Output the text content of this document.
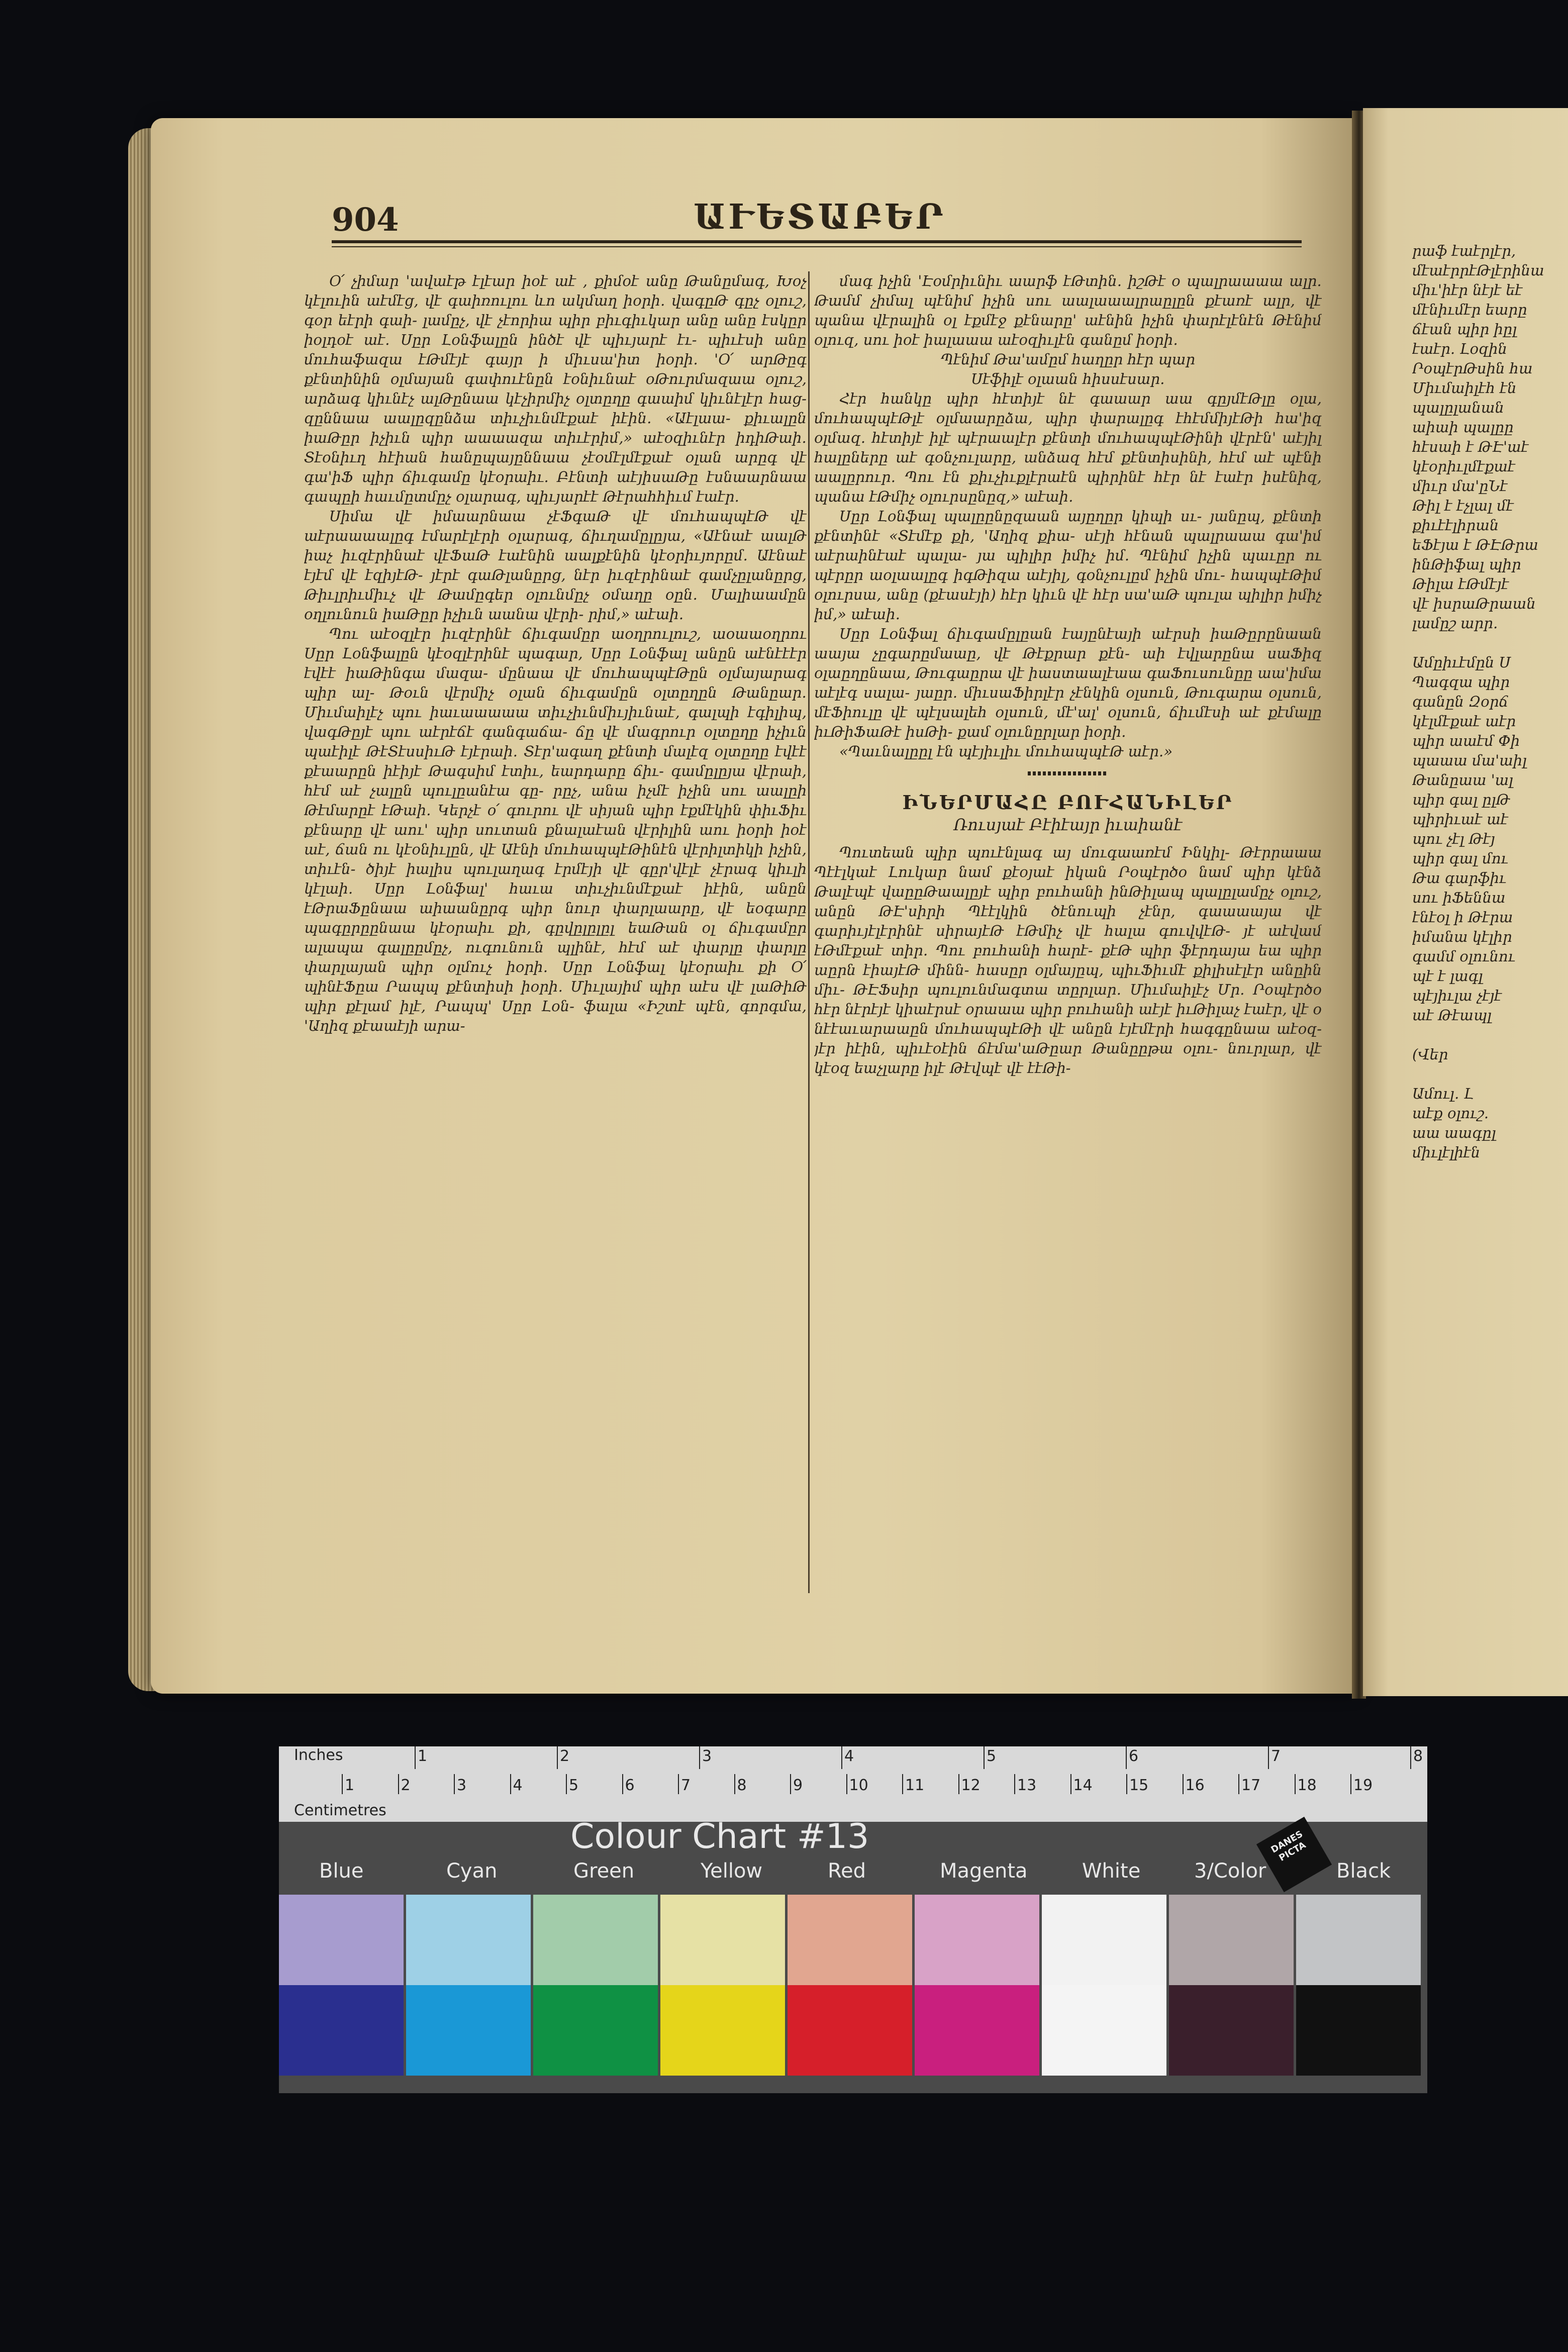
904	ԱՒԵՏԱԲԵՐ

Օ՛ չիմար 'ավաէթ էլէար իօէ աէ , քիմօէ անը Թանըմագ, Խօչ կէլուին աէմէց, վէ գաիռուլու ևո ակմաղ իօրի․ վագըԹ գըչ օլուշ, գօր եէրի գաի- լամըչ, վէ չէորիա պիր բիւգիւկար անը անը էսկըր իօլդօէ աէ․ Սըր Լօնֆալըն ինծէ վէ պիւյարէ էւ- պիւէսի անը մուհաֆազա էԹմէյէ գայր ի միւսա'իտ իօրի․ 'Օ՛ արԹըգ քէնտինին օլմայան գափուէնըն էօնիւնաէ օԹուրմազաա օլուշ, արձագ կիւնէչ ալԹընաա կէչիրմիչ օլտըղը գաաիմ կիւնէլէր հաց- զըննաա աալըզընձա տիւչիւնմէքաէ իէին․ «Աէլաա- քիւալըն իաԹըր իչիւն պիր աաաազա տիւէրիմ,» աէօզիւնէր իդիԹաի․ Տէօնիւղ հէիան հանըպայըննաա չէօմէլմէքաէ օլան արըգ վէ գա'իՖ պիր ճիւգամը կէօրաիւ․ Բէնտի աէյիսաԹը էսնաարնաա գապըի հաւմըտմըչ օլարագ, պիւյարէէ Թէրահհիւմ էաէր․

Սիմա վէ իմաարնաա չէՖգաԹ վէ մուհապպէԹ վէ աէրաաաալըգ էմարէլէրի օլարագ, ճիւղամըլըյա, «Աէնաէ աալԹ իաչ իւզէրինաէ վէՖաԹ էաէնին աալքէնին կէօրիւյորըմ․ Աէնաէ էյէմ վէ էզիյէԹ- յէրէ գաԹլանըրց, նէր իւզէրինաէ գամչըլանըրց, Թիւլրիւմիւչ վէ Թամըգեր օլունմըչ օմաղը օըն․ Մալիաամըն օղլունուն իաԹըր իչիւն աանա վէրի- րիմ,» աէաի․

Պու աէօզլէր իւզէրինէ ճիւգամըր աօղրուլուշ, աօաաօղրու Սըր Լօնֆալըն կէօզլէրինէ պագար, Սըր Լօնֆալ անըն աէնէէէր էվէէ իաԹինգա մազա- մընաա վէ մուհապպէԹըն օլմայարագ պիր ալ- Թօւն վէրմիչ օլան ճիւգամըն օլտըղըն Թանըար․ Միւմաիլէչ պու իաւաաաաա տիւչիւնմիւյիւնաէ, գալպի էգիլիպ, վագԹըյէ պու աէրէճէ գանգաճա- ճը վէ մագրուր օլտըղը իչիւն պաէիլէ ԹէՏէսսիւԹ էյէրաի․ Տէր'ագաղ քէնտի մալէզ օլտըղը էվէէ քէաարըն իէիյէ Թագսիմ էտիւ, եարդարը ճիւ- գամըլըյա վէրաի, հէմ աէ չալըն պուլըանէա գը- րըչ, անա իչմէ իչին սու աալըի Թէմարըէ էԹաի․ Կերչէ օ՛ գուրու վէ սիյան պիր էքմէկին փիւՖիւ քէնարը վէ աու' պիր սուտան քնալաէան վէրիլին աու իօրի իօէ աէ, ճան ու կէօնիւլըն, վէ Աէնի մուհապպէԹինէն վէրիլտիկի իչին, տիւէն- ծիյէ իալիս պուլաղագ էրմէյի վէ գըր'վէլէ չէրագ կիւլի կէլաի․ Սըր Լօնֆալ' հաւա տիւչիւնմէքաէ իէին, անըն էԹրաՖընաա աիաանըրգ պիր նուր փարլաարը, վէ եօգարը պագըրըընաա կէօրաիւ քի, գըվըլըլըլ եաԹան օլ ճիւգամըր ալապա գալըըմըչ, ուգունուն պլինէ, հէմ աէ փարլը փարլը փարլայան պիր օլմուչ իօրի․ Սըր Լօնֆալ կէօրաիւ քի Օ՛ պինէՖըա Րապպ քէնտիսի իօրի․ Միւլայիմ պիր աէս վէ լաԹիԹ պիր քէլամ իլէ, Րապպ' Սըր Լօն- ֆալա «Իշտէ պէն, գորգմա, 'Աղիզ քէաաէյի արա-

մագ իչին 'Էօմրիւնիւ աարֆ էԹտին․ իշԹէ օ պալրաաաա ալր․ Թամմ չիմալ պէնիմ իչին սու աալաաալրաըլըն քէառէ ալր, վէ պանա վէրալին օլ էքմէջ քէնարը' աէնին իչին փարէլէնէն Թէնիմ օլուզ, սու իօէ իալաաա աէօզիւլէն գանըմ իօրի․

Պէնիմ Թա'ամըմ հաղըր հէր պար

Սէֆիլէ օլաան հիսսէսար․

Հէր հանկը պիր հէտիյէ նէ գաաար աա գըյմէԹլը օլա, մուհապպէԹլէ օլմաարըձա, պիր փարալըգ էհէմմիյէԹի հա'իզ օլմազ․ հէտիյէ իլէ պէրաալէր քէնտի մուհապպէԹինի վէրէն' աէյիլ հալըները աէ գօնչուլարը, անձազ հէմ քէնտիսինի, հէմ աէ պէնի աալըրուր․ Պու էն քիւչիւքլէրաէն պիրինէ հէր նէ էաէր իսէնիզ, պանա էԹմիչ օլուրսընըզ,» աէաի․

Սըր Լօնֆալ պալըընըզաան այըղըր կիպի սւ- յանըպ, քէնտի քէնտինէ «Տէմէք քի, 'Աղիզ քիա- սէյի հէնան պալրաաա գա'իմ աէրաինէաէ պալա- յա պիլիր իմիչ իմ․ Պէնիմ իչին պաւըր ու պէրըր աօլաալըգ իգԹիզա աէյիլ, գօնչուլըմ իչին մու- հապպէԹիմ օլուրսա, անը (քէասէյի) հէր կիւն վէ հէր սա'աԹ պուլա պիլիր իմիչ իմ,» աէաի․

Սըր Լօնֆալ ճիւգամըլըան էայընէայի աէրսի իաԹըրընաան աայա չըգարըմաաը, վէ Թէքրար քէն- աի էվլարընա սաՖիզ օլաըղընաա, Թուգաըրա վէ իաստաալէաա գաՖուսունըը աա'իմա աէլէգ սալա- յաըր․ միւսաՖիրլէր չէնկին օլսուն, Թուգարա օլսուն, մէՖիուլը վէ պէլսալեհ օլսուն, մէ'ալ' օլսուն, ճիւմէսի աէ քէմալը իւԹիՖաԹէ իսԹի- քամ օլունըրլար իօրի․

«Պաւնալըըլ էն պէյիւլիւ մուհապպէԹ աէր․»

ԻՆԵՐՄԱՀԸ ԲՈՒՀԱՆԻԼԵՐ
Ռուսյաէ Բէիէայր իւաիանէ

Պուտեան պիր պուէնլագ այ մուգաառէմ Ինկիլ- Թէրրաաա Պէէլկաէ Լուկար նամ քէօյաէ իկան Րօպէրծօ նամ պիր կէնձ Թալէպէ վաըըԹաալըյէ պիր բուհանի ինԹիլապ պալըլամըչ օլուշ, անըն ԹԷ'սիրի Պէէլկին ծէնուպի չէնր, գաաաայա վէ գարիւյէլէրինէ սիրայէԹ էԹմիչ վէ հալա գուվվէԹ- յէ աէվամ էԹմէքաէ տիր․ Պու բուհանի հարէ- քէԹ պիր ֆէրդայա եա պիր աըրն էիայէԹ մինն- հասըր օլմայըպ, պիւՖիւմէ քիլիսէլէր անըին միւ- ԹԷՖսիր պուլունմագտա տըրլար․ Միւմաիլէչ Մր․ Րօպէրծօ հէր նէրէյէ կիաէրսէ օրաաա պիր բուհանի աէյէ իւԹիլաչ էաէր, վէ օ նէէաւարաաըն մուհապպէԹի վէ անըն էյէմէրի հագգընաա աէօզ- յէր իէին, պիւէօէին ճէմա'աԹըար Թանըըթա օլու- նուրլար, վէ կէօզ եաչլարը իլէ Թէվպէ վէ էէԹի-

րաֆ էաէրլէր,
մէաէրրէԹլէրինա
միւ'իէր նէյէ եէ
մէնիւմէր եարը
ճէան պիր իըլ
էաէր․ Լօզին
ՐօպէրԹսին հա
Միւմաիլէհ էն
պալըլանան
աիաի պալըը
հէսաի է ԹԷ'աէ
կէօրիւլմէքաէ
միւր մա'ըՆէ
Թիլ է էչլալ մէ
քիւէէլիրան
եՖէյա է ԹԷԹրա
ինԹիֆալ պիր
Թիլա էԹմէյէ
վէ իսրաԹրաան
լամըշ արր․

Ամըիւէմըն Ս
Պագզա պիր
գանըն Զօրճ
կէլմէքաէ աէր
պիր աաէմ Փի
պաաա մա'աիլ
Թանըաա 'ալ
պիր գալ ըլԹ
պիրիւաէ աէ
պու չէլ Թէյ
պիր գալ մու
Թա գարֆիւ
սու իՖեննա
էնէօլ ի Թէրա
իմանա կէլիր
գամմ օլունու
պէ է լագլ
պէյիւլա չէյէ
աէ Թէապլ

(Վեր

Ամուլ․ Լ
աէք օլուշ․
աա աագըլ
միւլէլիէն
Inches
Centimetres
1	2	3	4	5	6	7	8
1	2	3	4	5	6	7	8	9	10 11 12 13 14 15 16 17 18 19
Colour Chart #13	DANES PICTA
Blue	Cyan	Green	Yellow	Red	Magenta	White	3/Color	Black
